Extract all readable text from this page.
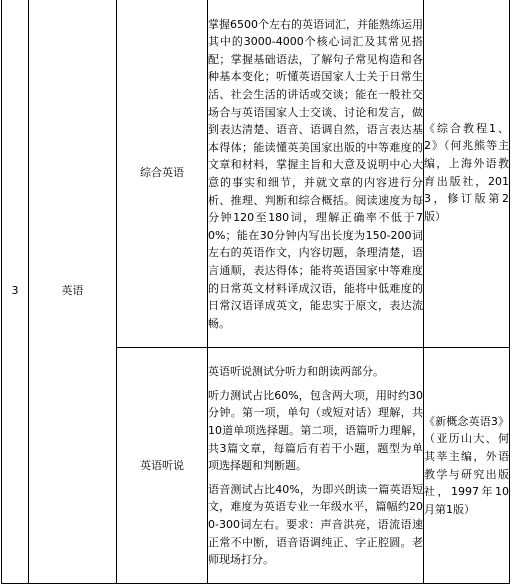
3	英语	综合英语	掌握6500个左右的英语词汇，并能熟练运用其中的3000-4000个核心词汇及其常见搭配；掌握基础语法，了解句子常见构造和各种基本变化；听懂英语国家人士关于日常生活、社会生活的讲话或交谈；能在一般社交场合与英语国家人士交谈、讨论和发言，做到表达清楚、语音、语调自然，语言表达基本得体；能读懂英美国家出版的中等难度的文章和材料，掌握主旨和大意及说明中心大意的事实和细节，并就文章的内容进行分析、推理、判断和综合概括。阅读速度为每分钟120至180词，理解正确率不低于70%；能在30分钟内写出长度为150-200词左右的英语作文，内容切题，条理清楚，语言通顺，表达得体；能将英语国家中等难度的日常英文材料译成汉语，能将中低难度的日常汉语译成英文，能忠实于原文，表达流畅。	《综合教程1、2》（何兆熊等主编，上海外语教育出版社，2013，修订版第2版）
		英语听说	英语听说测试分听力和朗读两部分。

听力测试占比60%，包含两大项，用时约30分钟。第一项，单句（或短对话）理解，共10道单项选择题。第二项，语篇听力理解，共3篇文章，每篇后有若干小题，题型为单项选择题和判断题。

语音测试占比40%，为即兴朗读一篇英语短文，难度为英语专业一年级水平，篇幅约200-300词左右。要求：声音洪亮，语流语速正常不中断，语音语调纯正、字正腔圆。老师现场打分。	《新概念英语3》（亚历山大、何其莘主编，外语教学与研究出版社，1997年10月第1版）
